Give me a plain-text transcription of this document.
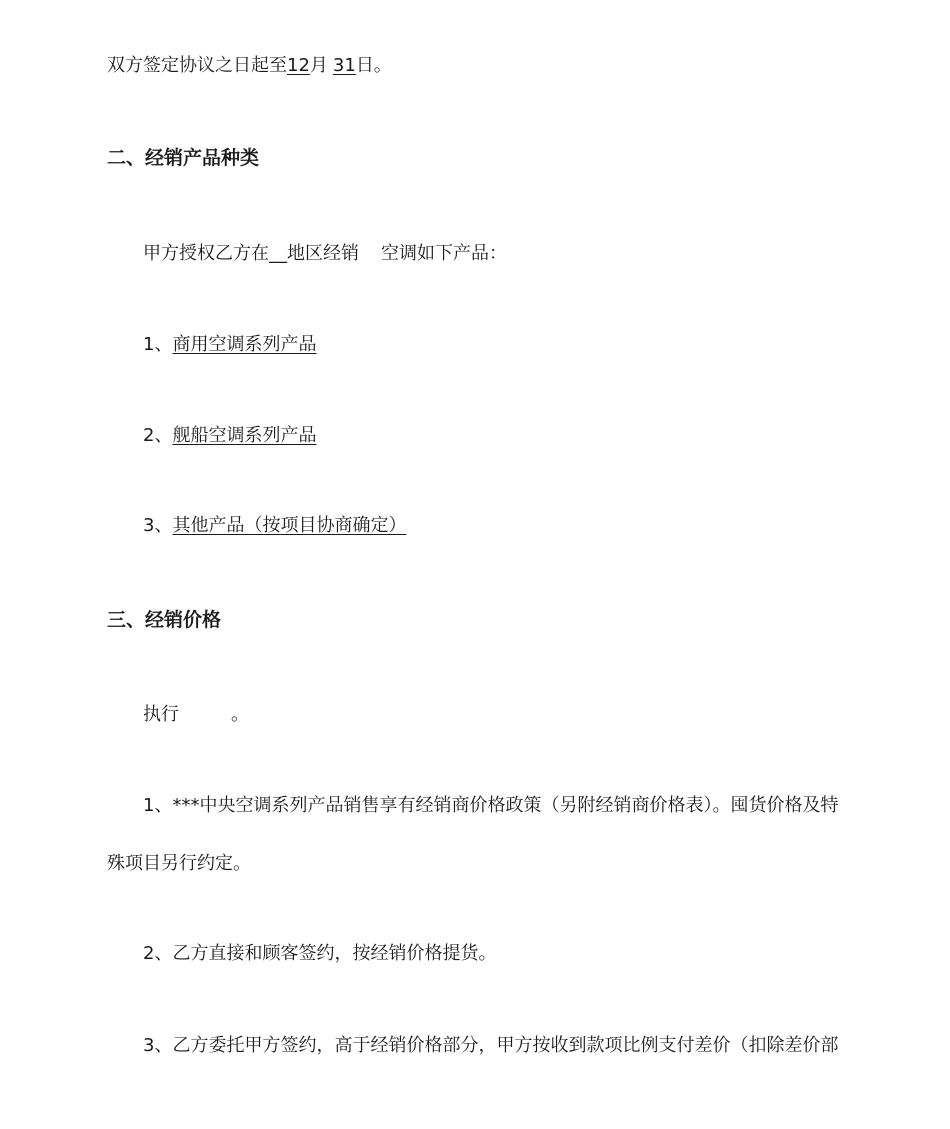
双方签定协议之日起至12月 31日。
二、经销产品种类
甲方授权乙方在__地区经销 空调如下产品：
1、商用空调系列产品
2、舰船空调系列产品
3、其他产品（按项目协商确定）
三、经销价格
执行	。
1、***中央空调系列产品销售享有经销商价格政策（另附经销商价格表）。囤货价格及特
殊项目另行约定。
2、乙方直接和顾客签约，按经销价格提货。
3、乙方委托甲方签约，高于经销价格部分，甲方按收到款项比例支付差价（扣除差价部
